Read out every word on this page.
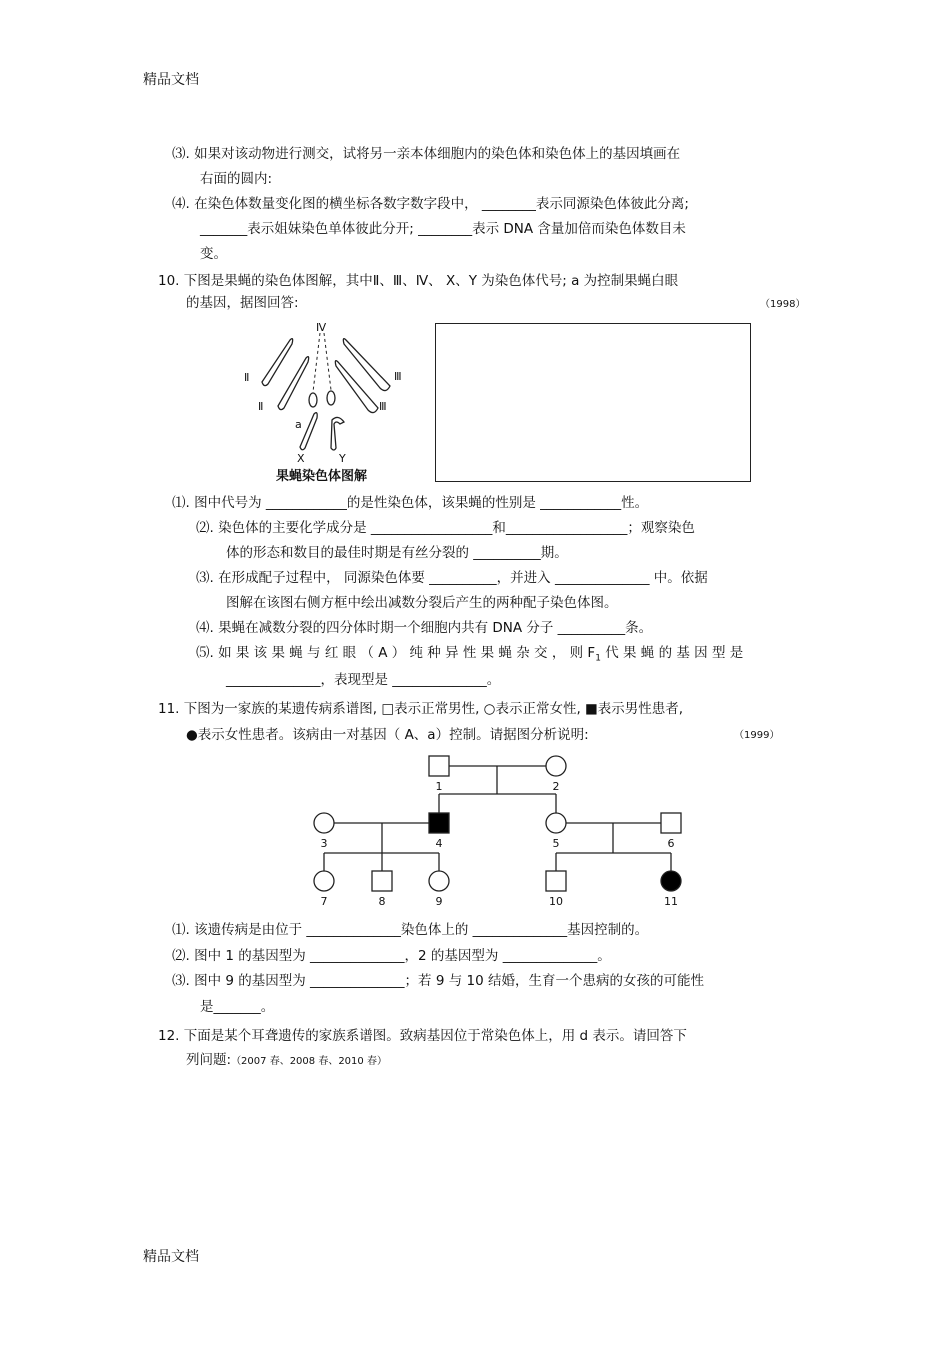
精品文档
精品文档
⑶. 如果对该动物进行测交，试将另一亲本体细胞内的染色体和染色体上的基因填画在
右面的圆内:
⑷. 在染色体数量变化图的横坐标各数字数字段中， ________表示同源染色体彼此分离;
_______表示姐妹染色单体彼此分开; ________表示 DNA 含量加倍而染色体数目未
变。
10. 下图是果蝇的染色体图解，其中Ⅱ、Ⅲ、Ⅳ、 X、Y 为染色体代号; a 为控制果蝇白眼
的基因，据图回答:	（1998）
Ⅳ
Ⅱ
Ⅱ
Ⅲ
Ⅲ
a
X	Y
果蝇染色体图解
⑴. 图中代号为 ____________的是性染色体，该果蝇的性别是 ____________性。
⑵. 染色体的主要化学成分是 __________________和__________________；观察染色
体的形态和数目的最佳时期是有丝分裂的 __________期。
⑶. 在形成配子过程中， 同源染色体要 __________，并进入 ______________ 中。依据
图解在该图右侧方框中绘出减数分裂后产生的两种配子染色体图。
⑷. 果蝇在减数分裂的四分体时期一个细胞内共有 DNA 分子 __________条。
⑸. 如 果 该 果 蝇 与 红 眼 （ A ） 纯 种 异 性 果 蝇 杂 交 ， 则 $F_1$ 代 果 蝇 的 基 因 型 是
______________，表现型是 ______________。
11. 下图为一家族的某遗传病系谱图, □表示正常男性, ○表示正常女性, ■表示男性患者,
●表示女性患者。该病由一对基因（ A、a）控制。请据图分析说明:	（1999）
1	2
3	4	5	6
7	8	9	10	11
⑴. 该遗传病是由位于 ______________染色体上的 ______________基因控制的。
⑵. 图中 1 的基因型为 ______________，2 的基因型为 ______________。
⑶. 图中 9 的基因型为 ______________；若 9 与 10 结婚，生育一个患病的女孩的可能性
是_______。
12. 下面是某个耳聋遗传的家族系谱图。致病基因位于常染色体上，用 d 表示。请回答下
列问题:（2007 春、2008 春、2010 春）
